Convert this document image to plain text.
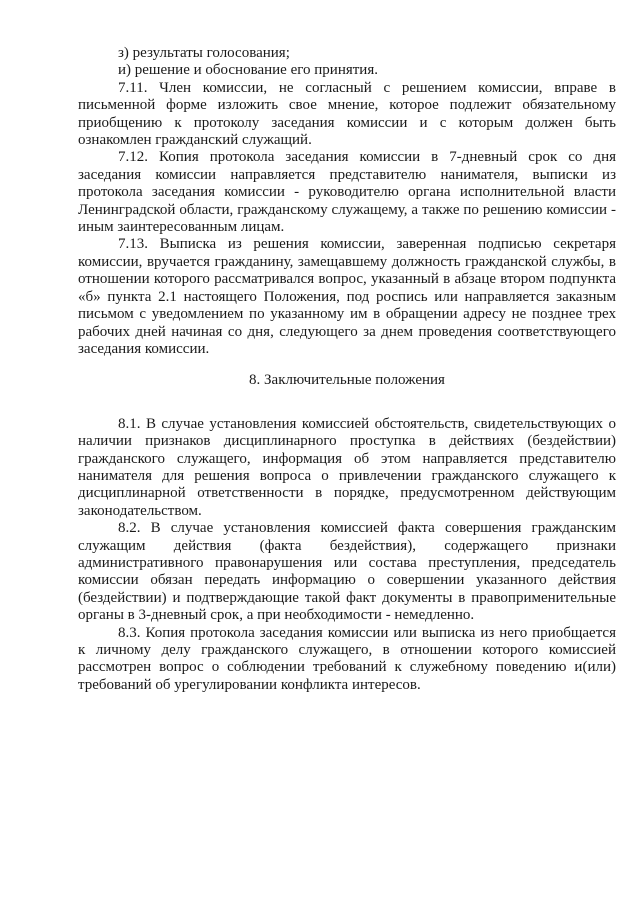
з) результаты голосования;

и) решение и обоснование его принятия.

7.11. Член комиссии, не согласный с решением комиссии, вправе в письменной форме изложить свое мнение, которое подлежит обязательному приобщению к протоколу заседания комиссии и с которым должен быть ознакомлен гражданский служащий.

7.12. Копия протокола заседания комиссии в 7-дневный срок со дня заседания комиссии направляется представителю нанимателя, выписки из протокола заседания комиссии - руководителю органа исполнительной власти Ленинградской области, гражданскому служащему, а также по решению комиссии - иным заинтересованным лицам.

7.13. Выписка из решения комиссии, заверенная подписью секретаря комиссии, вручается гражданину, замещавшему должность гражданской службы, в отношении которого рассматривался вопрос, указанный в абзаце втором подпункта «б» пункта 2.1 настоящего Положения, под роспись или направляется заказным письмом с уведомлением по указанному им в обращении адресу не позднее трех рабочих дней начиная со дня, следующего за днем проведения соответствующего заседания комиссии.

8. Заключительные положения

8.1. В случае установления комиссией обстоятельств, свидетельствующих о наличии признаков дисциплинарного проступка в действиях (бездействии) гражданского служащего, информация об этом направляется представителю нанимателя для решения вопроса о привлечении гражданского служащего к дисциплинарной ответственности в порядке, предусмотренном действующим законодательством.

8.2. В случае установления комиссией факта совершения гражданским служащим действия (факта бездействия), содержащего признаки административного правонарушения или состава преступления, председатель комиссии обязан передать информацию о совершении указанного действия (бездействии) и подтверждающие такой факт документы в правоприменительные органы в 3-дневный срок, а при необходимости - немедленно.

8.3. Копия протокола заседания комиссии или выписка из него приобщается к личному делу гражданского служащего, в отношении которого комиссией рассмотрен вопрос о соблюдении требований к служебному поведению и(или) требований об урегулировании конфликта интересов.
